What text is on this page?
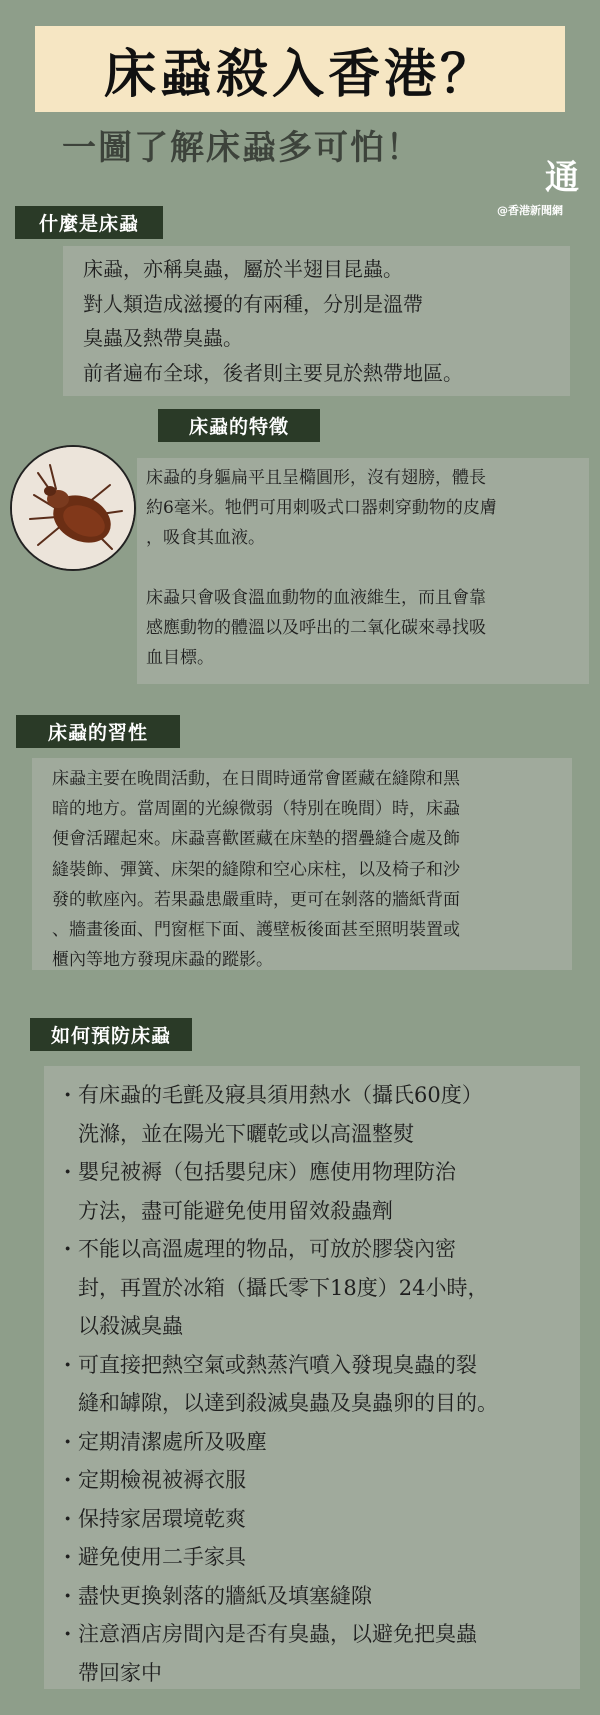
床蝨殺入香港？
一圖了解床蝨多可怕！
通
@香港新聞網
什麼是床蝨

床蝨，亦稱臭蟲，屬於半翅目昆蟲。

對人類造成滋擾的有兩種，分別是溫帶

臭蟲及熱帶臭蟲。

前者遍布全球，後者則主要見於熱帶地區。

床蝨的特徵

床蝨的身軀扁平且呈橢圓形，沒有翅膀，體長

約6毫米。牠們可用刺吸式口器刺穿動物的皮膚

，吸食其血液。

床蝨只會吸食溫血動物的血液維生，而且會靠

感應動物的體溫以及呼出的二氧化碳來尋找吸

血目標。

床蝨的習性

床蝨主要在晚間活動，在日間時通常會匿藏在縫隙和黑

暗的地方。當周圍的光線微弱（特別在晚間）時，床蝨

便會活躍起來。床蝨喜歡匿藏在床墊的摺疊縫合處及飾

縫裝飾、彈簧、床架的縫隙和空心床柱，以及椅子和沙

發的軟座內。若果蝨患嚴重時，更可在剝落的牆紙背面

、牆畫後面、門窗框下面、護壁板後面甚至照明裝置或

櫃內等地方發現床蝨的蹤影。

如何預防床蝨
· 有床蝨的毛氈及寢具須用熱水（攝氏60度）
洗滌，並在陽光下曬乾或以高溫整熨
· 嬰兒被褥（包括嬰兒床）應使用物理防治
方法，盡可能避免使用留效殺蟲劑
· 不能以高溫處理的物品，可放於膠袋內密
封，再置於冰箱（攝氏零下18度）24小時，
以殺滅臭蟲
· 可直接把熱空氣或熱蒸汽噴入發現臭蟲的裂
縫和罅隙，以達到殺滅臭蟲及臭蟲卵的目的。
· 定期清潔處所及吸塵
· 定期檢視被褥衣服
· 保持家居環境乾爽
· 避免使用二手家具
· 盡快更換剝落的牆紙及填塞縫隙
· 注意酒店房間內是否有臭蟲，以避免把臭蟲
帶回家中
